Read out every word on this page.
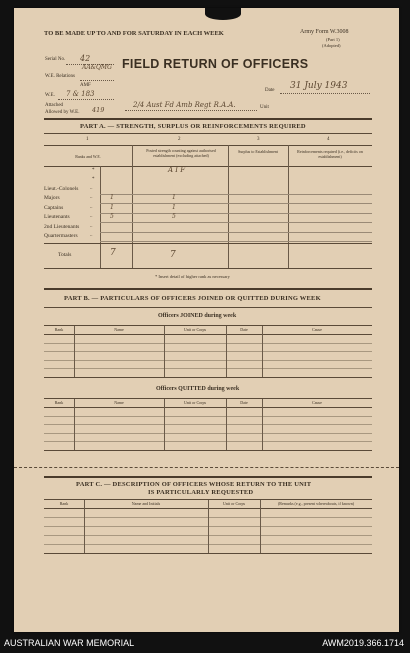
TO BE MADE UP TO AND FOR SATURDAY IN EACH WEEK	Army Form W.3008
(Part 1)
(Adopted)
FIELD RETURN OF OFFICERS
Serial No. 42
AA&QMG
W.E. Relations
AMF
W.E. 7 & 183
Attached
Allowed by W.E. 419
2/4 Aust Fd Amb Regt R.A.A.	Unit
Date 31 July 1943
PART A. — STRENGTH, SURPLUS OR REINFORCEMENTS REQUIRED
1	2	3	4
Ranks and W.E.
Posted strength counting against authorised establishment (excluding attached)
Surplus to Establishment	Reinforcements required (i.e., deficits on establishment)
A I F
*
*
Lieut.-Colonels ..
Majors	..	1	1
Captains	..	1	1
Lieutenants	..	5	5
2nd Lieutenants ..
Quartermasters ..
Totals	7	7
* Insert detail of higher rank as necessary
PART B. — PARTICULARS OF OFFICERS JOINED OR QUITTED DURING WEEK
Officers JOINED during week
Rank	Name	Unit or Corps	Date	Cause
Officers QUITTED during week
Rank	Name	Unit or Corps	Date	Cause
PART C. — DESCRIPTION OF OFFICERS WHOSE RETURN TO THE UNIT
IS PARTICULARLY REQUESTED
Rank	Name and Initials	Unit or Corps	(Remarks (e.g., present whereabouts, if known)
AUSTRALIAN WAR MEMORIAL	AWM2019.366.1714
